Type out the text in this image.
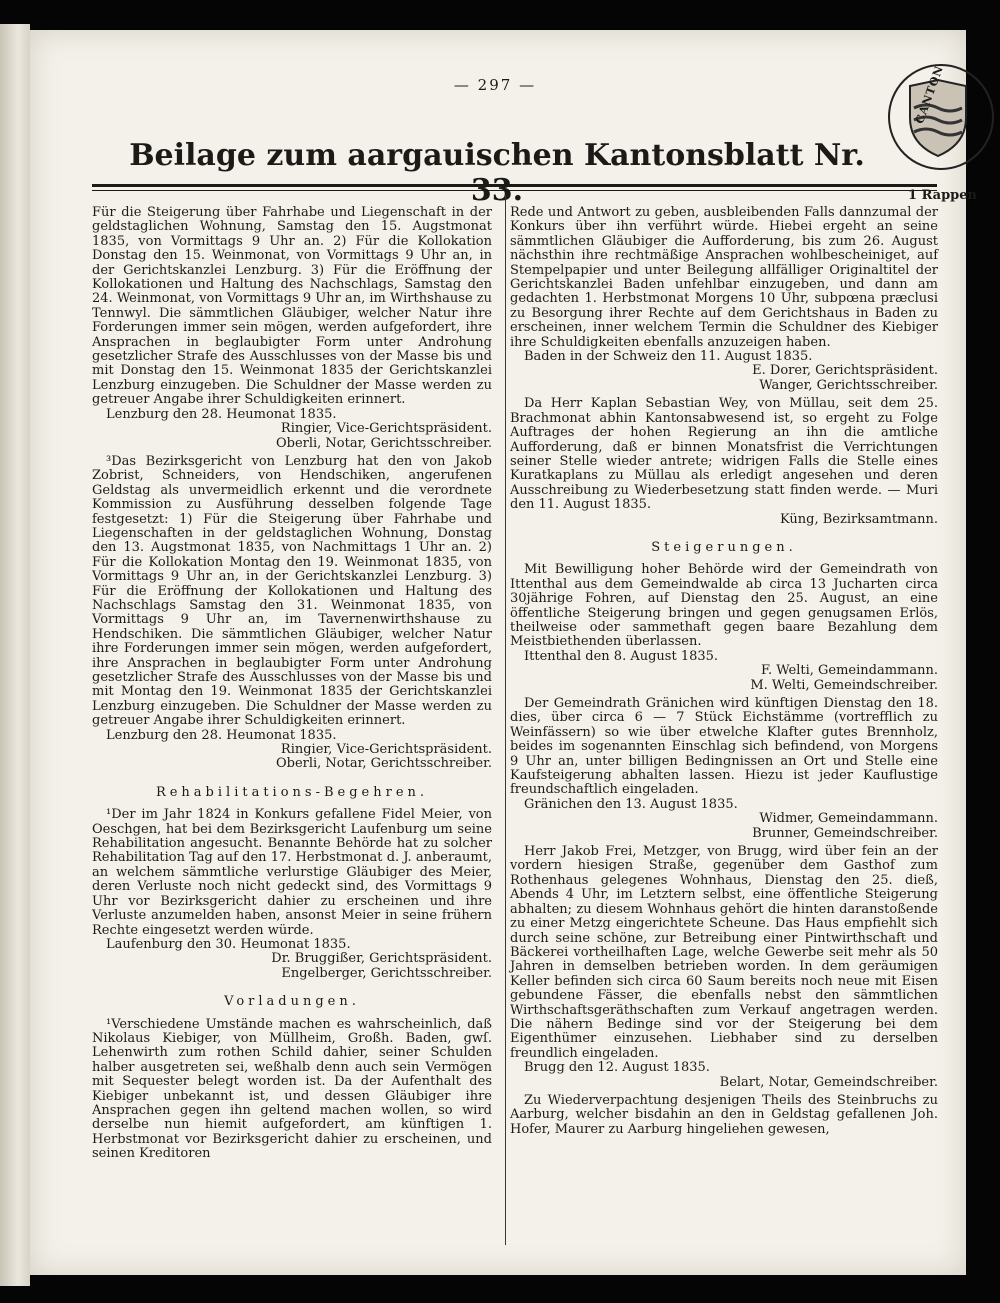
— 297 —
Beilage zum aargauischen Kantonsblatt Nr.

Für die Steigerung über Fahrhabe und Liegenschaft in der geldstaglichen Wohnung, Samstag den 15. Augstmonat 1835, von Vormittags 9 Uhr an. 2) Für die Kollokation Donstag den 15. Weinmonat, von Vormittags 9 Uhr an, in der Gerichtskanzlei Lenzburg. 3) Für die Eröffnung der Kollokationen und Haltung des Nachschlags, Samstag den 24. Weinmonat, von Vormittags 9 Uhr an, im Wirthshause zu Tennwyl. Die sämmtlichen Gläubiger, welcher Natur ihre Forderungen immer sein mögen, werden aufgefordert, ihre Ansprachen in beglaubigter Form unter Androhung gesetzlicher Strafe des Ausschlusses von der Masse bis und mit Donstag den 15. Weinmonat 1835 der Gerichtskanzlei Lenzburg einzugeben. Die Schuldner der Masse werden zu getreuer Angabe ihrer Schuldigkeiten erinnert.

Lenzburg den 28. Heumonat 1835.

Ringier, Vice-Gerichtspräsident.

Oberli, Notar, Gerichtsschreiber.

³Das Bezirksgericht von Lenzburg hat den von Jakob Zobrist, Schneiders, von Hendschiken, angerufenen Geldstag als unvermeidlich erkennt und die verordnete Kommission zu Ausführung desselben folgende Tage festgesetzt: 1) Für die Steigerung über Fahrhabe und Liegenschaften in der geldstaglichen Wohnung, Donstag den 13. Augstmonat 1835, von Nachmittags 1 Uhr an. 2) Für die Kollokation Montag den 19. Weinmonat 1835, von Vormittags 9 Uhr an, in der Gerichtskanzlei Lenzburg. 3) Für die Eröffnung der Kollokationen und Haltung des Nachschlags Samstag den 31. Weinmonat 1835, von Vormittags 9 Uhr an, im Tavernenwirthshause zu Hendschiken. Die sämmtlichen Gläubiger, welcher Natur ihre Forderungen immer sein mögen, werden aufgefordert, ihre Ansprachen in beglaubigter Form unter Androhung gesetzlicher Strafe des Ausschlusses von der Masse bis und mit Montag den 19. Weinmonat 1835 der Gerichtskanzlei Lenzburg einzugeben. Die Schuldner der Masse werden zu getreuer Angabe ihrer Schuldigkeiten erinnert.

Lenzburg den 28. Heumonat 1835.

Ringier, Vice-Gerichtspräsident.

Oberli, Notar, Gerichtsschreiber.

Rehabilitations-Begehren.

¹Der im Jahr 1824 in Konkurs gefallene Fidel Meier, von Oeschgen, hat bei dem Bezirksgericht Laufenburg um seine Rehabilitation angesucht. Benannte Behörde hat zu solcher Rehabilitation Tag auf den 17. Herbstmonat d. J. anberaumt, an welchem sämmtliche verlurstige Gläubiger des Meier, deren Verluste noch nicht gedeckt sind, des Vormittags 9 Uhr vor Bezirksgericht dahier zu erscheinen und ihre Verluste anzumelden haben, ansonst Meier in seine frühern Rechte eingesetzt werden würde.

Laufenburg den 30. Heumonat 1835.

Dr. Bruggißer, Gerichtspräsident.

Engelberger, Gerichtsschreiber.

Vorladungen.

¹Verschiedene Umstände machen es wahrscheinlich, daß Nikolaus Kiebiger, von Müllheim, Großh. Baden, gwſ. Lehenwirth zum rothen Schild dahier, seiner Schulden halber ausgetreten sei, weßhalb denn auch sein Vermögen mit Sequester belegt worden ist. Da der Aufenthalt des Kiebiger unbekannt ist, und dessen Gläubiger ihre Ansprachen gegen ihn geltend machen wollen, so wird derselbe nun hiemit aufgefordert, am künftigen 1. Herbstmonat vor Bezirksgericht dahier zu erscheinen, und seinen Kreditoren

Rede und Antwort zu geben, ausbleibenden Falls dannzumal der Konkurs über ihn verführt würde. Hiebei ergeht an seine sämmtlichen Gläubiger die Aufforderung, bis zum 26. August nächsthin ihre rechtmäßige Ansprachen wohlbescheiniget, auf Stempelpapier und unter Beilegung allfälliger Originaltitel der Gerichtskanzlei Baden unfehlbar einzugeben, und dann am gedachten 1. Herbstmonat Morgens 10 Uhr, subpœna præclusi zu Besorgung ihrer Rechte auf dem Gerichtshaus in Baden zu erscheinen, inner welchem Termin die Schuldner des Kiebiger ihre Schuldigkeiten ebenfalls anzuzeigen haben.

Baden in der Schweiz den 11. August 1835.

E. Dorer, Gerichtspräsident.

Wanger, Gerichtsschreiber.

Da Herr Kaplan Sebastian Wey, von Müllau, seit dem 25. Brachmonat abhin Kantonsabwesend ist, so ergeht zu Folge Auftrages der hohen Regierung an ihn die amtliche Aufforderung, daß er binnen Monatsfrist die Verrichtungen seiner Stelle wieder antrete; widrigen Falls die Stelle eines Kuratkaplans zu Müllau als erledigt angesehen und deren Ausschreibung zu Wiederbesetzung statt finden werde. — Muri den 11. August 1835.

Küng, Bezirksamtmann.

Steigerungen.

Mit Bewilligung hoher Behörde wird der Gemeindrath von Ittenthal aus dem Gemeindwalde ab circa 13 Jucharten circa 30jährige Fohren, auf Dienstag den 25. August, an eine öffentliche Steigerung bringen und gegen genugsamen Erlös, theilweise oder sammethaft gegen baare Bezahlung dem Meistbiethenden überlassen.

Ittenthal den 8. August 1835.

F. Welti, Gemeindammann.

M. Welti, Gemeindschreiber.

Der Gemeindrath Gränichen wird künftigen Dienstag den 18. dies, über circa 6 — 7 Stück Eichstämme (vortrefflich zu Weinfässern) so wie über etwelche Klafter gutes Brennholz, beides im sogenannten Einschlag sich befindend, von Morgens 9 Uhr an, unter billigen Bedingnissen an Ort und Stelle eine Kaufsteigerung abhalten lassen. Hiezu ist jeder Kauflustige freundschaftlich eingeladen.

Gränichen den 13. August 1835.

Widmer, Gemeindammann.

Brunner, Gemeindschreiber.

Herr Jakob Frei, Metzger, von Brugg, wird über fein an der vordern hiesigen Straße, gegenüber dem Gasthof zum Rothenhaus gelegenes Wohnhaus, Dienstag den 25. dieß, Abends 4 Uhr, im Letztern selbst, eine öffentliche Steigerung abhalten; zu diesem Wohnhaus gehört die hinten daranstoßende zu einer Metzg eingerichtete Scheune. Das Haus empfiehlt sich durch seine schöne, zur Betreibung einer Pintwirthschaft und Bäckerei vortheilhaften Lage, welche Gewerbe seit mehr als 50 Jahren in demselben betrieben worden. In dem geräumigen Keller befinden sich circa 60 Saum bereits noch neue mit Eisen gebundene Fässer, die ebenfalls nebst den sämmtlichen Wirthschaftsgeräthschaften zum Verkauf angetragen werden. Die nähern Bedinge sind vor der Steigerung bei dem Eigenthümer einzusehen. Liebhaber sind zu derselben freundlich eingeladen.

Brugg den 12. August 1835.

Belart, Notar, Gemeindschreiber.

Zu Wiederverpachtung desjenigen Theils des Steinbruchs zu Aarburg, welcher bisdahin an den in Geldstag gefallenen Joh. Hofer, Maurer zu Aarburg hingeliehen gewesen,

CANTON
1 Rappen
